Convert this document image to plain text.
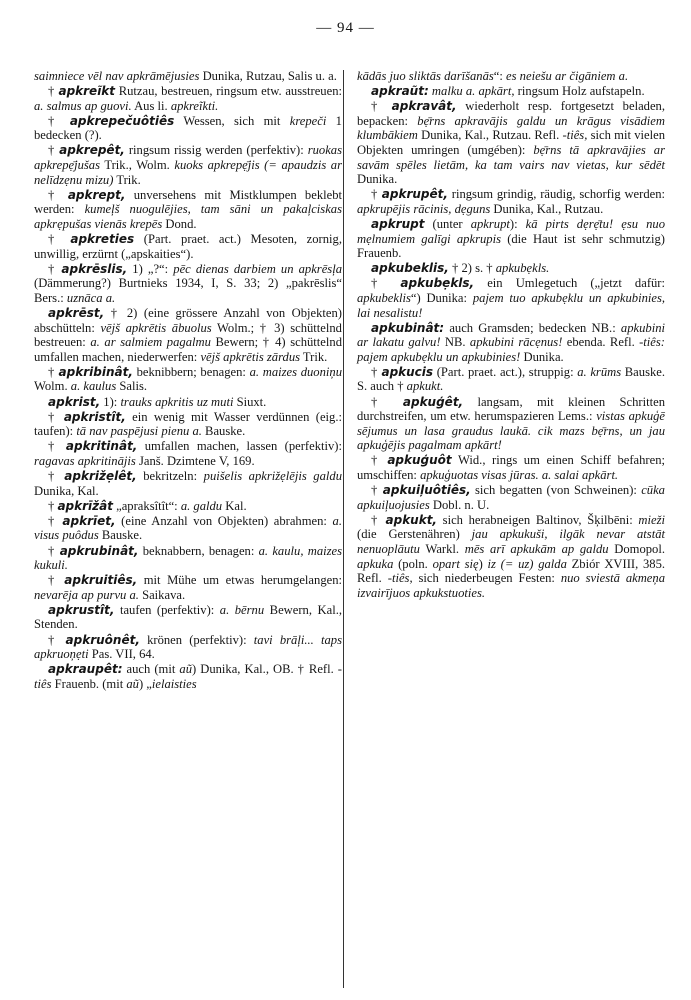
— 94 —

saimniece vēl nav apkrāmējusies Dunika, Rutzau, Salis u. a.

† apkreĩkt Rutzau, bestreuen, ringsum etw. ausstreuen: a. salmus ap guovi. Aus li. apkreĩkti.

† apkrepečuôtiês Wessen, sich mit krepeči 1 bedecken (?).

† apkrepêt, ringsum rissig werden (perfektiv): ruokas apkrepẹ̄jušas Trik., Wolm. kuoks apkrepẹ̄jis (= apaudzis ar nelīdzẹnu mizu) Trik.

† apkrept, unversehens mit Mistklumpen beklebt werden: kumeļš nuogulējies, tam sāni un pakaļciskas apkrẹpušas vienās krepēs Dond.

† apkreties (Part. praet. act.) Mesoten, zornig, unwillig, erzürnt („apskaities“).

† apkrēslis, 1) „?“: pēc dienas darbiem un apkrēsļa (Dämmerung?) Burtnieks 1934, I, S. 33; 2) „pakrēslis“ Bers.: uznāca a.

apkrēst, † 2) (eine grössere Anzahl von Objekten) abschütteln: vējš apkrētis ābuolus Wolm.; † 3) schüttelnd bestreuen: a. ar salmiem pagalmu Bewern; † 4) schüttelnd umfallen machen, niederwerfen: vējš apkrētis zārdus Trik.

† apkribinât, beknibbern; benagen: a. maizes duoniņu Wolm. a. kaulus Salis.

apkrist, 1): trauks apkritis uz muti Siuxt.

† apkristît, ein wenig mit Wasser verdünnen (eig.: taufen): tā nav paspējusi pienu a. Bauske.

† apkritinât, umfallen machen, lassen (perfektiv): ragavas apkritinājis Janš. Dzimtene V, 169.

† apkrižẹlêt, bekritzeln: puišelis apkrižẹlējis galdu Dunika, Kal.

† apkrīžât „apraksîtît“: a. galdu Kal.

† apkrīet, (eine Anzahl von Objekten) abrahmen: a. visus puôdus Bauske.

† apkrubinât, beknabbern, benagen: a. kaulu, maizes kukuli.

† apkruitiês, mit Mühe um etwas herumgelangen: nevarēja ap purvu a. Saikava.

apkrustît, taufen (perfektiv): a. bērnu Bewern, Kal., Stenden.

† apkruônêt, krönen (perfektiv): tavi brāļi... taps apkruoņẹti Pas. VII, 64.

apkraupêt: auch (mit aũ) Dunika, Kal., OB. † Refl. -tiês Frauenb. (mit aũ) „ielaisties

kādās juo sliktās darīšanās“: es neiešu ar čigāniem a.

apkraũt: malku a. apkārt, ringsum Holz aufstapeln.

† apkravât, wiederholt resp. fortgesetzt beladen, bepacken: bẹ̄rns apkravājis galdu un krāgus visādiem klumbākiem Dunika, Kal., Rutzau. Refl. -tiês, sich mit vielen Objekten umringen (umgében): bẹ̄rns tā apkravājies ar savām spēles lietām, ka tam vairs nav vietas, kur sēdēt Dunika.

† apkrupêt, ringsum grindig, räudig, schorfig werden: apkrupējis rācinis, dẹguns Dunika, Kal., Rutzau.

apkrupt (unter apkrupt): kā pirts dẹrẹ̄tu! ẹsu nuo mẹlnumiem galīgi apkrupis (die Haut ist sehr schmutzig) Frauenb.

apkubeklis, † 2) s. † apkubẹkls.

† apkubẹkls, ein Umlegetuch („jetzt dafür: apkubeklis“) Dunika: pajem tuo apkubẹklu un apkubinies, lai nesalistu!

apkubinât: auch Gramsden; bedecken NB.: apkubini ar lakatu galvu! NB. apkubini rācẹnus! ebenda. Refl. -tiês: pajem apkubẹklu un apkubinies! Dunika.

† apkucis (Part. praet. act.), struppig: a. krūms Bauske. S. auch † apkukt.

† apkuģêt, langsam, mit kleinen Schritten durchstreifen, um etw. herumspazieren Lems.: vistas apkuģē sējumus un lasa graudus laukā. cik mazs bẹ̄rns, un jau apkuģējis pagalmam apkārt!

† apkuģuôt Wid., rings um einen Schiff befahren; umschiffen: apkuģuotas visas jūras. a. salai apkārt.

† apkuiļuôtiês, sich begatten (von Schweinen): cūka apkuiļuojusies Dobl. n. U.

† apkukt, sich herabneigen Baltinov, Šķilbēni: mieži (die Gerstenähren) jau apkukuši, ilgāk nevar atstāt nenuoplāutu Warkl. mēs arī apkukām ap galdu Domopol. apkuka (poln. opart się) iz (= uz) galda Zbiór XVIII, 385. Refl. -tiês, sich niederbeugen Festen: nuo sviestā akmeņa izvairījuos apkukstuoties.
